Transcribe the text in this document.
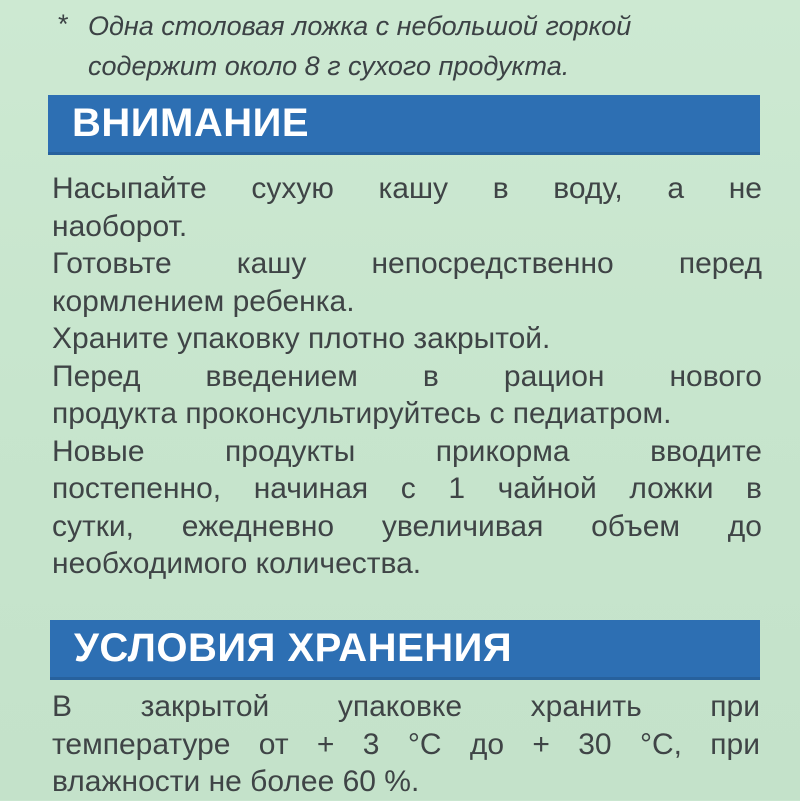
* Одна столовая ложка с небольшой горкой
содержит около 8 г сухого продукта.
ВНИМАНИЕ
Насыпайте сухую кашу в воду, а не
наоборот.
Готовьте кашу непосредственно перед
кормлением ребенка.
Храните упаковку плотно закрытой.
Перед введением в рацион нового
продукта проконсультируйтесь с педиатром.
Новые продукты прикорма вводите
постепенно, начиная с 1 чайной ложки в
сутки, ежедневно увеличивая объем до
необходимого количества.
УСЛОВИЯ ХРАНЕНИЯ
В закрытой упаковке хранить при
температуре от + 3 °С до + 30 °С, при
влажности не более 60 %.
